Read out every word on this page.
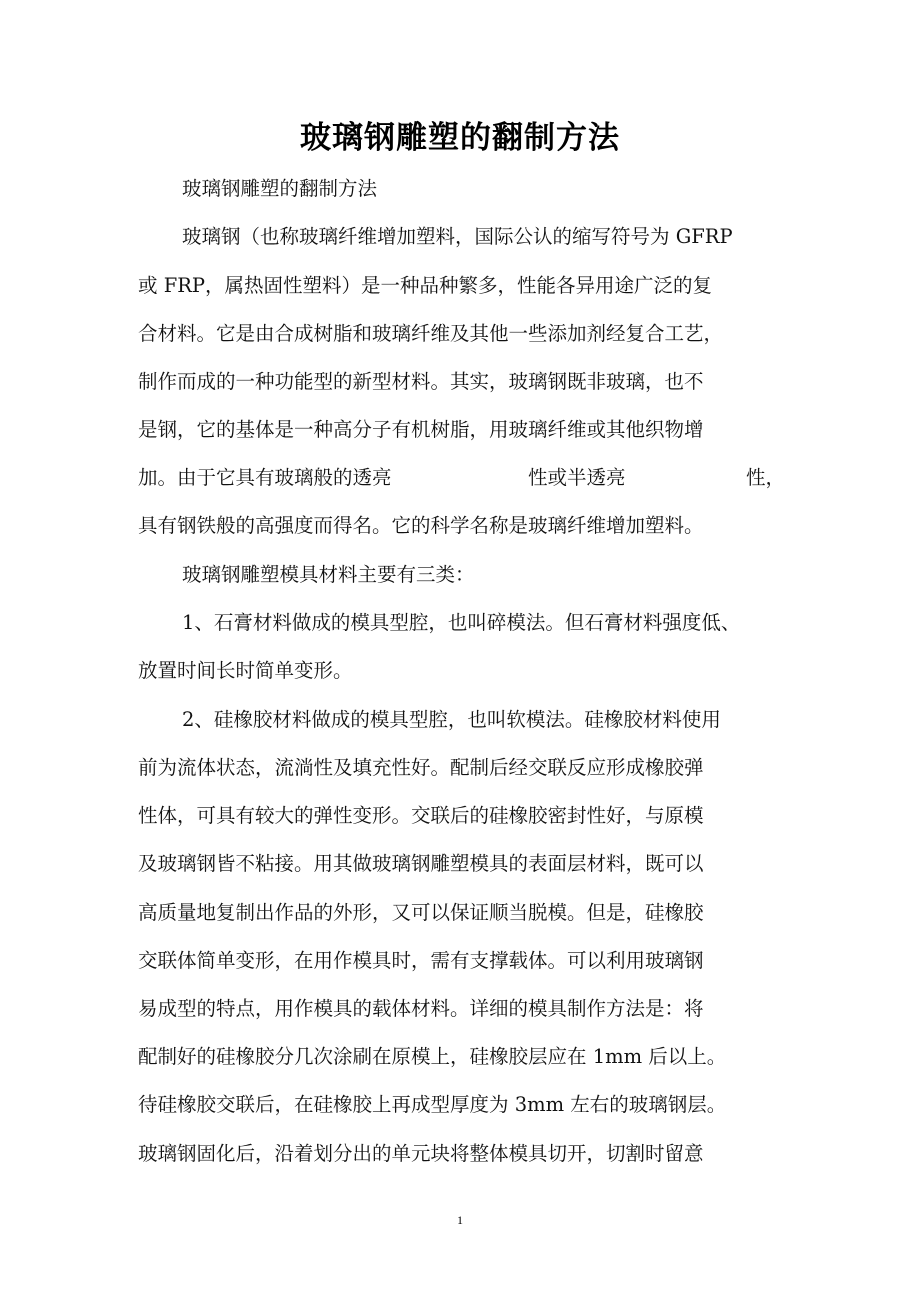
玻璃钢雕塑的翻制方法
玻璃钢雕塑的翻制方法
玻璃钢（也称玻璃纤维增加塑料，国际公认的缩写符号为 GFRP
或 FRP，属热固性塑料）是一种品种繁多，性能各异用途广泛的复
合材料。它是由合成树脂和玻璃纤维及其他一些添加剂经复合工艺，
制作而成的一种功能型的新型材料。其实，玻璃钢既非玻璃，也不
是钢，它的基体是一种高分子有机树脂，用玻璃纤维或其他织物增
加。由于它具有玻璃般的透亮	性或半透亮	性，
具有钢铁般的高强度而得名。它的科学名称是玻璃纤维增加塑料。
玻璃钢雕塑模具材料主要有三类：
1、石膏材料做成的模具型腔，也叫碎模法。但石膏材料强度低、
放置时间长时简单变形。
2、硅橡胶材料做成的模具型腔，也叫软模法。硅橡胶材料使用
前为流体状态，流淌性及填充性好。配制后经交联反应形成橡胶弹
性体，可具有较大的弹性变形。交联后的硅橡胶密封性好，与原模
及玻璃钢皆不粘接。用其做玻璃钢雕塑模具的表面层材料，既可以
高质量地复制出作品的外形，又可以保证顺当脱模。但是，硅橡胶
交联体简单变形，在用作模具时，需有支撑载体。可以利用玻璃钢
易成型的特点，用作模具的载体材料。详细的模具制作方法是：将
配制好的硅橡胶分几次涂刷在原模上，硅橡胶层应在 1mm 后以上。
待硅橡胶交联后，在硅橡胶上再成型厚度为 3mm 左右的玻璃钢层。
玻璃钢固化后，沿着划分出的单元块将整体模具切开，切割时留意
1
